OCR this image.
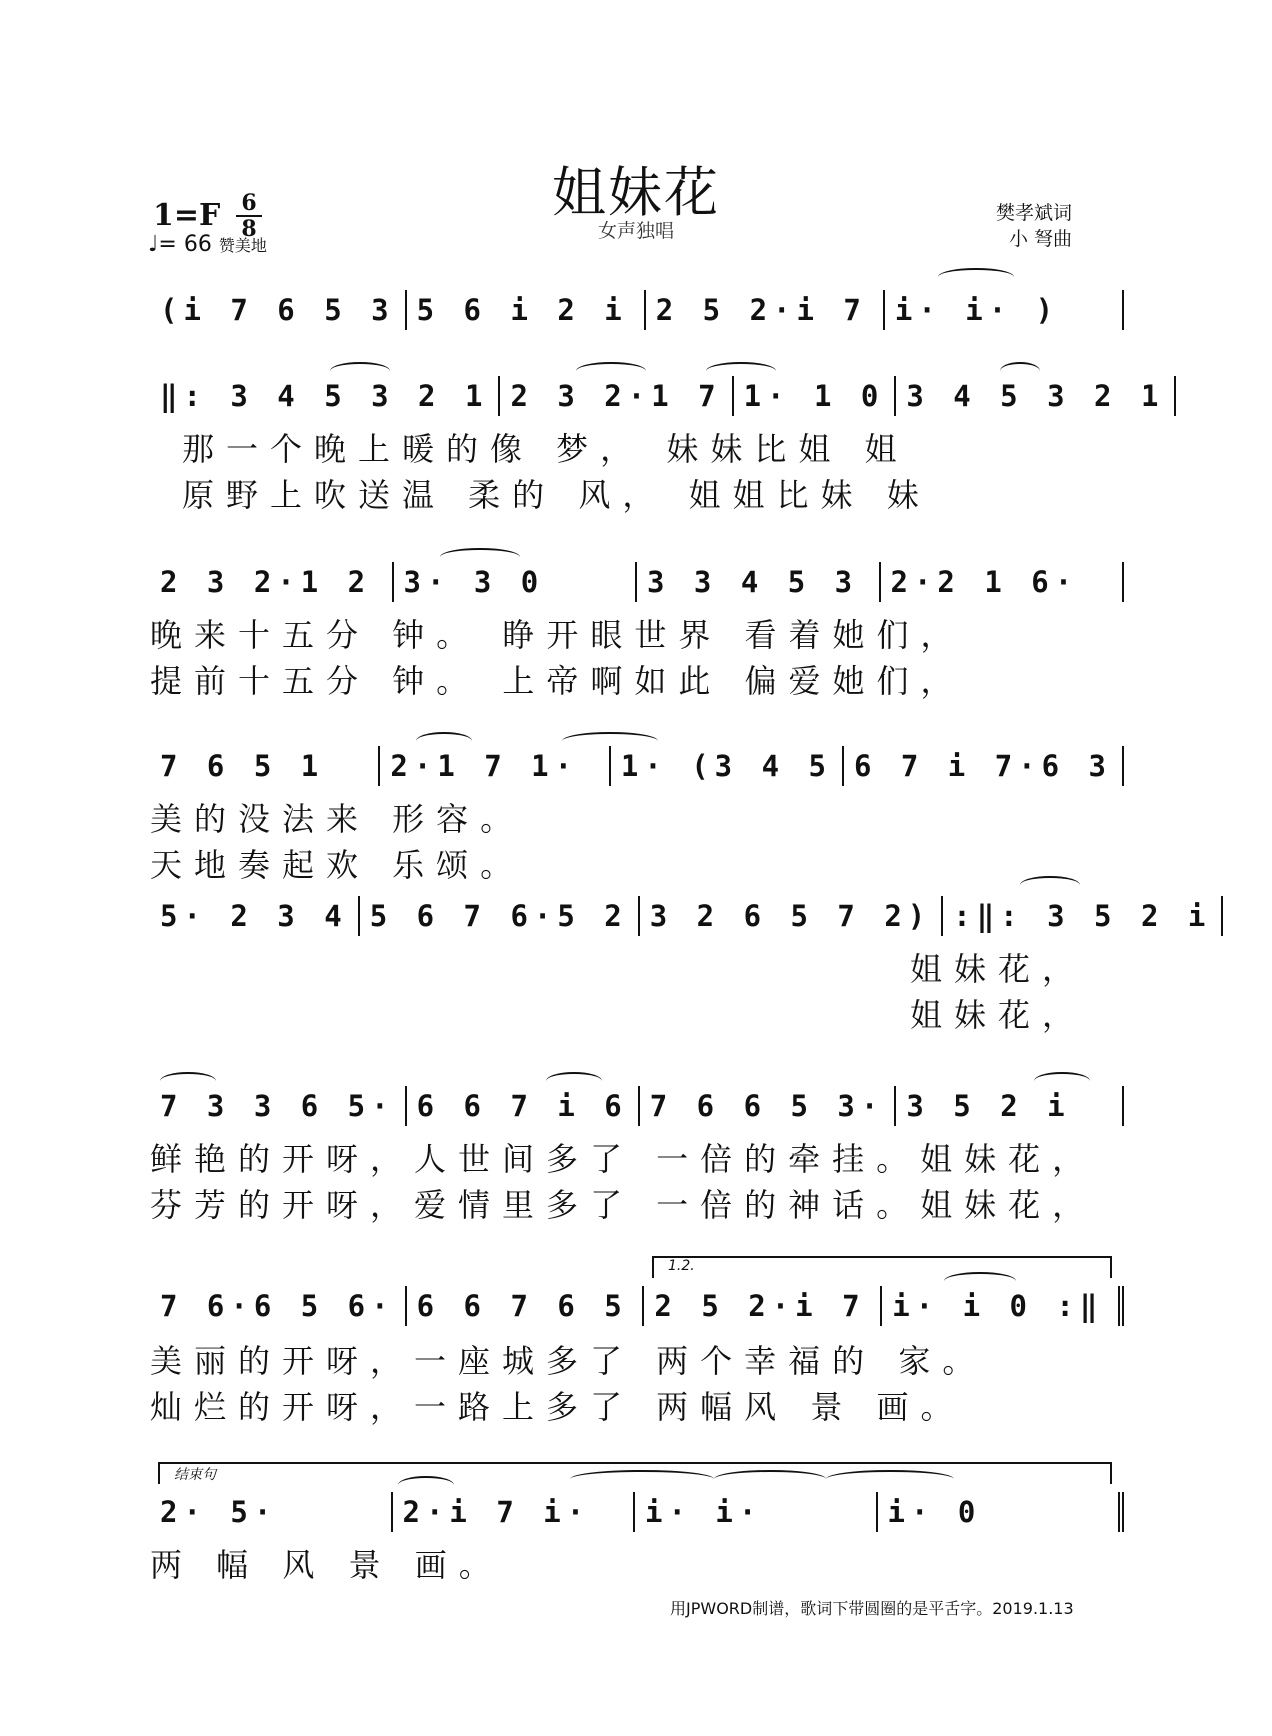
姐妹花
女声独唱
1=F 6
8
♩= 66 赞美地
樊孝斌词
小 弩曲
(i 7 6 5 3 5 6 i 2 i 2 5 2·i 7 i· i· )
‖: 3 4 5 3 2 1 2 3 2·1 7 1· 1 0 3 4 5 3 2 1
那一个晚上暖的像 梦， 妹妹比姐 姐
原野上吹送温 柔的 风， 姐姐比妹 妹
2 3 2·1 2 3· 3 0	3 3 4 5 3 2·2 1 6·
晚来十五分 钟。 睁开眼世界 看着她们，
提前十五分 钟。 上帝啊如此 偏爱她们，
7 6 5 1 2·1 7 1· 1· (3 4 5 6 7 i 7·6 3
美的没法来 形容。
天地奏起欢 乐颂。
5· 2 3 4 5 6 7 6·5 2 3 2 6 5 7 2) :‖: 3 5 2 i
姐妹花，
姐妹花，
7 3 3 6 5· 6 6 7 i 6 7 6 6 5 3· 3 5 2 i
鲜艳的开呀，人世间多了 一倍的牵挂。姐妹花，
芬芳的开呀，爱情里多了 一倍的神话。姐妹花，
1.2.
7 6·6 5 6· 6 6 7 6 5 2 5 2·i 7 i· i 0 :‖
美丽的开呀，一座城多了 两个幸福的 家。
灿烂的开呀，一路上多了 两幅风 景 画。
结束句
2· 5·	2·i 7 i· i· i·	i· 0
两 幅 风 景 画。
用JPWORD制谱，歌词下带圆圈的是平舌字。2019.1.13
